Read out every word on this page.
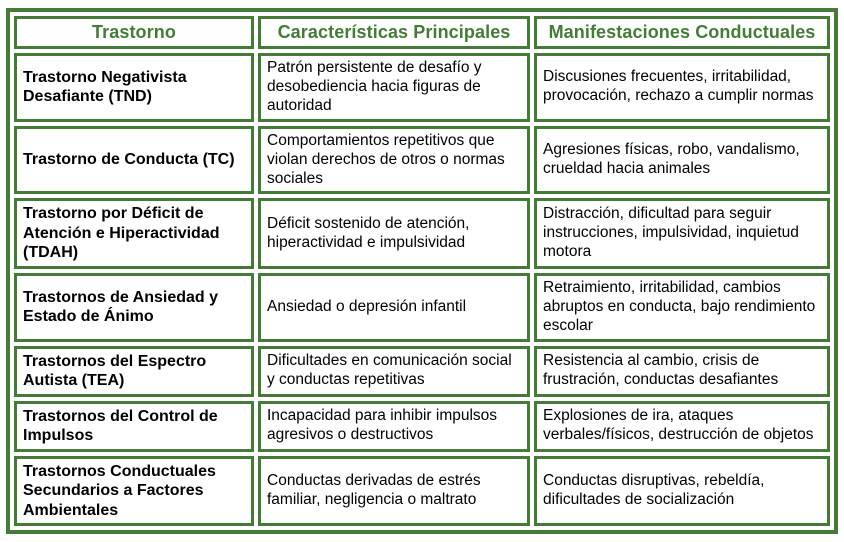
Trastorno	Características Principales	Manifestaciones Conductuales
Trastorno Negativista Desafiante (TND)	Patrón persistente de desafío y desobediencia hacia figuras de autoridad	Discusiones frecuentes, irritabilidad, provocación, rechazo a cumplir normas
Trastorno de Conducta (TC)	Comportamientos repetitivos que violan derechos de otros o normas sociales	Agresiones físicas, robo, vandalismo, crueldad hacia animales
Trastorno por Déficit de Atención e Hiperactividad (TDAH)	Déficit sostenido de atención, hiperactividad e impulsividad	Distracción, dificultad para seguir instrucciones, impulsividad, inquietud motora
Trastornos de Ansiedad y Estado de Ánimo	Ansiedad o depresión infantil	Retraimiento, irritabilidad, cambios abruptos en conducta, bajo rendimiento escolar
Trastornos del Espectro Autista (TEA)	Dificultades en comunicación social y conductas repetitivas	Resistencia al cambio, crisis de frustración, conductas desafiantes
Trastornos del Control de Impulsos	Incapacidad para inhibir impulsos agresivos o destructivos	Explosiones de ira, ataques verbales/físicos, destrucción de objetos
Trastornos Conductuales Secundarios a Factores Ambientales	Conductas derivadas de estrés familiar, negligencia o maltrato	Conductas disruptivas, rebeldía, dificultades de socialización
